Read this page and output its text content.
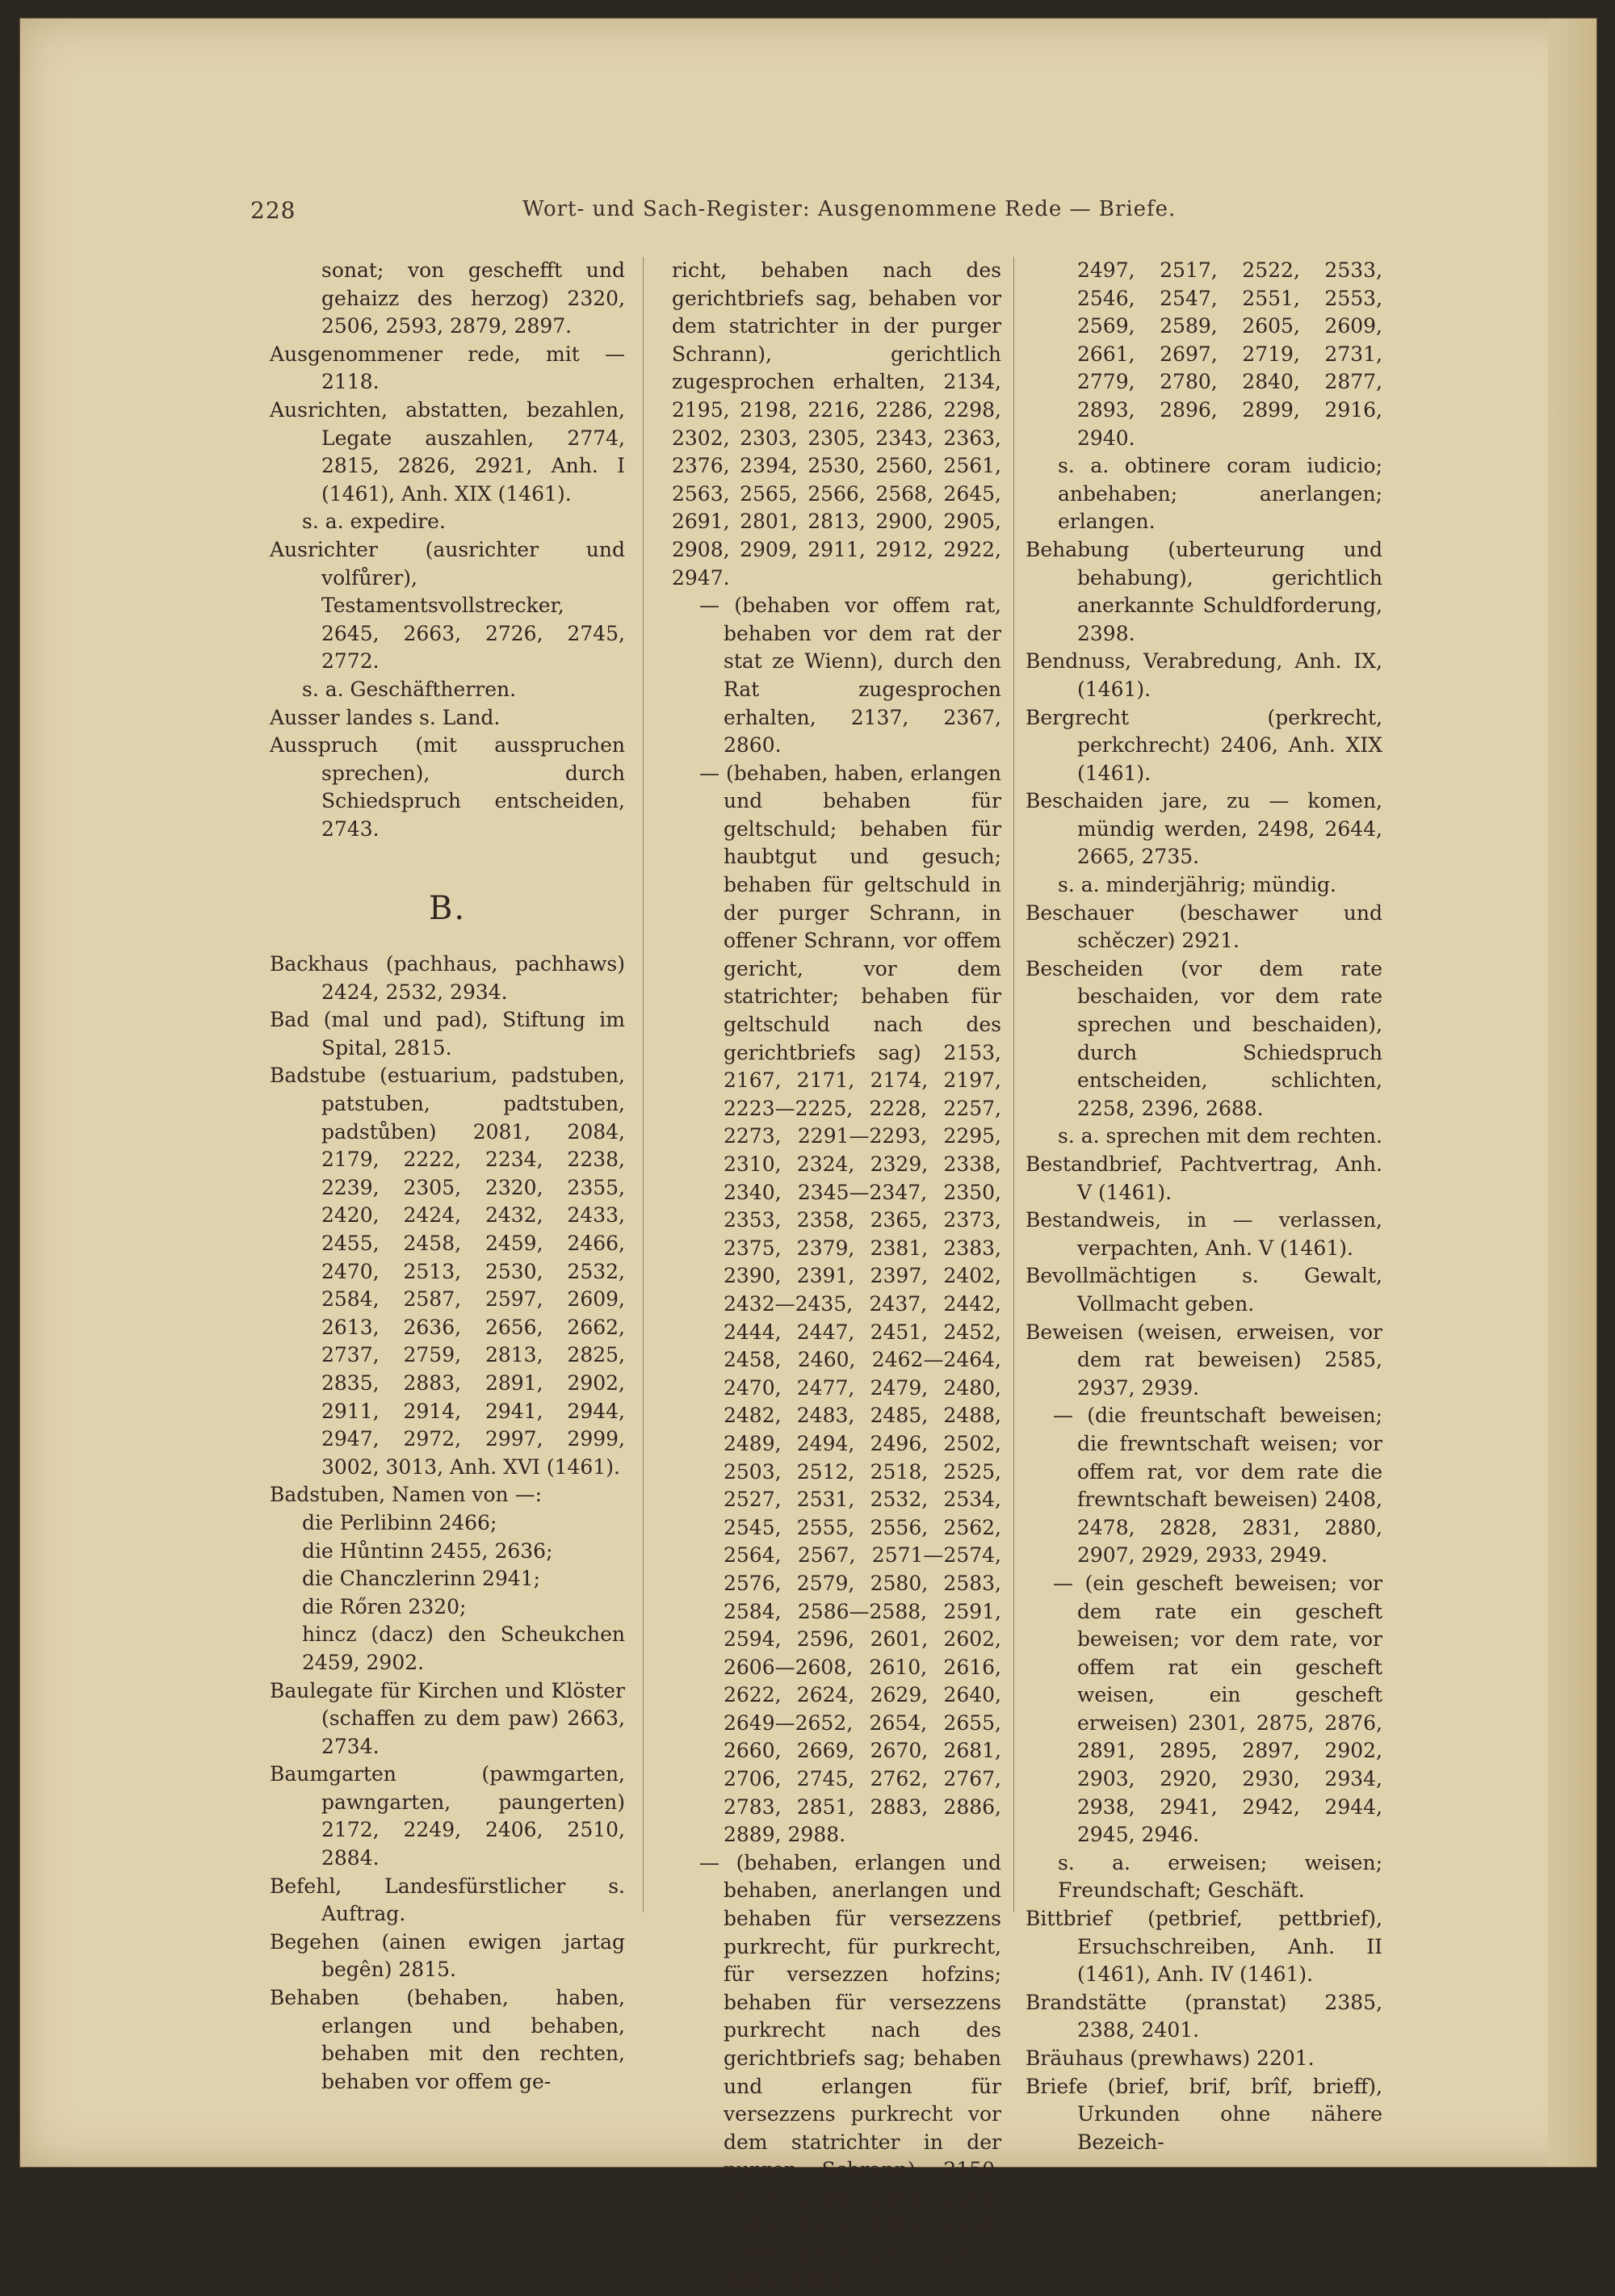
228	Wort- und Sach-Register: Ausgenommene Rede — Briefe.

sonat; von geschefft und gehaizz des herzog) 2320, 2506, 2593, 2879, 2897.

Ausgenommener rede, mit — 2118.

Ausrichten, abstatten, bezahlen, Legate auszahlen, 2774, 2815, 2826, 2921, Anh. I (1461), Anh. XIX (1461).

s. a. expedire.

Ausrichter (ausrichter und volfůrer), Testamentsvollstrecker, 2645, 2663, 2726, 2745, 2772.

s. a. Geschäftherren.

Ausser landes s. Land.

Ausspruch (mit ausspruchen sprechen), durch Schiedspruch entscheiden, 2743.

B.

Backhaus (pachhaus, pachhaws) 2424, 2532, 2934.

Bad (mal und pad), Stiftung im Spital, 2815.

Badstube (estuarium, padstuben, patstuben, padtstuben, padstůben) 2081, 2084, 2179, 2222, 2234, 2238, 2239, 2305, 2320, 2355, 2420, 2424, 2432, 2433, 2455, 2458, 2459, 2466, 2470, 2513, 2530, 2532, 2584, 2587, 2597, 2609, 2613, 2636, 2656, 2662, 2737, 2759, 2813, 2825, 2835, 2883, 2891, 2902, 2911, 2914, 2941, 2944, 2947, 2972, 2997, 2999, 3002, 3013, Anh. XVI (1461).

Badstuben, Namen von —:

die Perlibinn 2466;

die Hůntinn 2455, 2636;

die Chanczlerinn 2941;

die Rőren 2320;

hincz (dacz) den Scheukchen 2459, 2902.

Baulegate für Kirchen und Klöster (schaffen zu dem paw) 2663, 2734.

Baumgarten (pawmgarten, pawngarten, paungerten) 2172, 2249, 2406, 2510, 2884.

Befehl, Landesfürstlicher s. Auftrag.

Begehen (ainen ewigen jartag begên) 2815.

Behaben (behaben, haben, erlangen und behaben, behaben mit den rechten, behaben vor offem ge-

richt, behaben nach des gerichtbriefs sag, behaben vor dem statrichter in der purger Schrann), gerichtlich zugesprochen erhalten, 2134, 2195, 2198, 2216, 2286, 2298, 2302, 2303, 2305, 2343, 2363, 2376, 2394, 2530, 2560, 2561, 2563, 2565, 2566, 2568, 2645, 2691, 2801, 2813, 2900, 2905, 2908, 2909, 2911, 2912, 2922, 2947.

— (behaben vor offem rat, behaben vor dem rat der stat ze Wienn), durch den Rat zugesprochen erhalten, 2137, 2367, 2860.

— (behaben, haben, erlangen und behaben für geltschuld; behaben für haubtgut und gesuch; behaben für geltschuld in der purger Schrann, in offener Schrann, vor offem gericht, vor dem statrichter; behaben für geltschuld nach des gerichtbriefs sag) 2153, 2167, 2171, 2174, 2197, 2223—2225, 2228, 2257, 2273, 2291—2293, 2295, 2310, 2324, 2329, 2338, 2340, 2345—2347, 2350, 2353, 2358, 2365, 2373, 2375, 2379, 2381, 2383, 2390, 2391, 2397, 2402, 2432—2435, 2437, 2442, 2444, 2447, 2451, 2452, 2458, 2460, 2462—2464, 2470, 2477, 2479, 2480, 2482, 2483, 2485, 2488, 2489, 2494, 2496, 2502, 2503, 2512, 2518, 2525, 2527, 2531, 2532, 2534, 2545, 2555, 2556, 2562, 2564, 2567, 2571—2574, 2576, 2579, 2580, 2583, 2584, 2586—2588, 2591, 2594, 2596, 2601, 2602, 2606—2608, 2610, 2616, 2622, 2624, 2629, 2640, 2649—2652, 2654, 2655, 2660, 2669, 2670, 2681, 2706, 2745, 2762, 2767, 2783, 2851, 2883, 2886, 2889, 2988.

— (behaben, erlangen und behaben, anerlangen und behaben für versezzens purkrecht, für purkrecht, für versezzen hofzins; behaben für versezzens purkrecht nach des gerichtbriefs sag; behaben und erlangen für versezzens purkrecht vor dem statrichter in der purger Schrann) 2150, 2173, 2184, 2213, 2264, 2309, 2315, 2316, 2354, 2369, 2372, 2377, 2453, 2491, 2493,

2497, 2517, 2522, 2533, 2546, 2547, 2551, 2553, 2569, 2589, 2605, 2609, 2661, 2697, 2719, 2731, 2779, 2780, 2840, 2877, 2893, 2896, 2899, 2916, 2940.

s. a. obtinere coram iudicio; anbehaben; anerlangen; erlangen.

Behabung (uberteurung und behabung), gerichtlich anerkannte Schuldforderung, 2398.

Bendnuss, Verabredung, Anh. IX, (1461).

Bergrecht (perkrecht, perkchrecht) 2406, Anh. XIX (1461).

Beschaiden jare, zu — komen, mündig werden, 2498, 2644, 2665, 2735.

s. a. minderjährig; mündig.

Beschauer (beschawer und schěczer) 2921.

Bescheiden (vor dem rate beschaiden, vor dem rate sprechen und beschaiden), durch Schiedspruch entscheiden, schlichten, 2258, 2396, 2688.

s. a. sprechen mit dem rechten.

Bestandbrief, Pachtvertrag, Anh. V (1461).

Bestandweis, in — verlassen, verpachten, Anh. V (1461).

Bevollmächtigen s. Gewalt, Vollmacht geben.

Beweisen (weisen, erweisen, vor dem rat beweisen) 2585, 2937, 2939.

— (die freuntschaft beweisen; die frewntschaft weisen; vor offem rat, vor dem rate die frewntschaft beweisen) 2408, 2478, 2828, 2831, 2880, 2907, 2929, 2933, 2949.

— (ein gescheft beweisen; vor dem rate ein gescheft beweisen; vor dem rate, vor offem rat ein gescheft weisen, ein gescheft erweisen) 2301, 2875, 2876, 2891, 2895, 2897, 2902, 2903, 2920, 2930, 2934, 2938, 2941, 2942, 2944, 2945, 2946.

s. a. erweisen; weisen; Freundschaft; Geschäft.

Bittbrief (petbrief, pettbrief), Ersuchschreiben, Anh. II (1461), Anh. IV (1461).

Brandstätte (pranstat) 2385, 2388, 2401.

Bräuhaus (prewhaws) 2201.

Briefe (brief, brif, brîf, brieff), Urkunden ohne nähere Bezeich-
